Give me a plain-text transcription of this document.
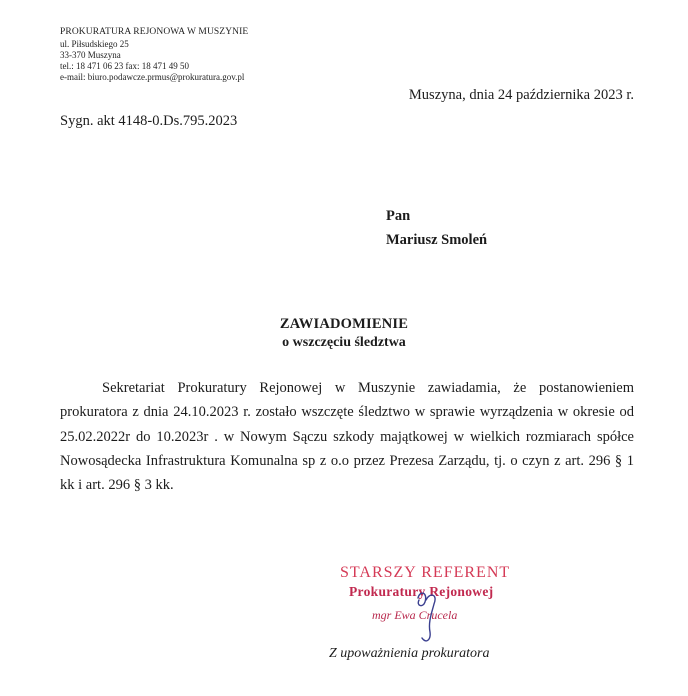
PROKURATURA REJONOWA W MUSZYNIE
ul. Piłsudskiego 25
33-370 Muszyna
tel.: 18 471 06 23 fax: 18 471 49 50
e-mail: biuro.podawcze.prmus@prokuratura.gov.pl
Muszyna, dnia 24 października 2023 r.
Sygn. akt 4148-0.Ds.795.2023
Pan
Mariusz Smoleń
ZAWIADOMIENIE
o wszczęciu śledztwa
Sekretariat Prokuratury Rejonowej w Muszynie zawiadamia, że postanowieniem prokuratora z dnia 24.10.2023 r. zostało wszczęte śledztwo w sprawie wyrządzenia w okresie od 25.02.2022r do 10.2023r . w Nowym Sączu szkody majątkowej w wielkich rozmiarach spółce Nowosądecka Infrastruktura Komunalna sp z o.o przez Prezesa Zarządu, tj. o czyn z art. 296 § 1 kk i art. 296 § 3 kk.
STARSZY REFERENT
Prokuratury Rejonowej
mgr Ewa Crucela
Z upoważnienia prokuratora
